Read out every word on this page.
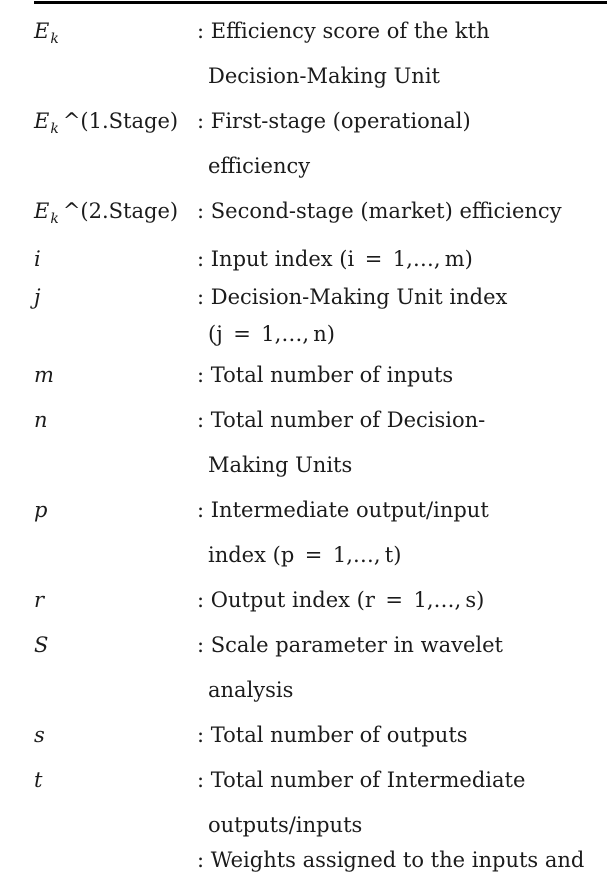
$E_k$	: Efficiency score of the kth
Decision-Making Unit
$E_k$ ^(1.Stage) : First-stage (operational)
efficiency
$E_k$ ^(2.Stage) : Second-stage (market) efficiency
i	: Input index (i = 1,…, m)
j	: Decision-Making Unit index
(j = 1,…, n)
m	: Total number of inputs
n	: Total number of Decision-
Making Units
p	: Intermediate output/input
index (p = 1,…, t)
r	: Output index (r = 1,…, s)
S	: Scale parameter in wavelet
analysis
s	: Total number of outputs
t	: Total number of Intermediate
outputs/inputs
: Weights assigned to the inputs and
